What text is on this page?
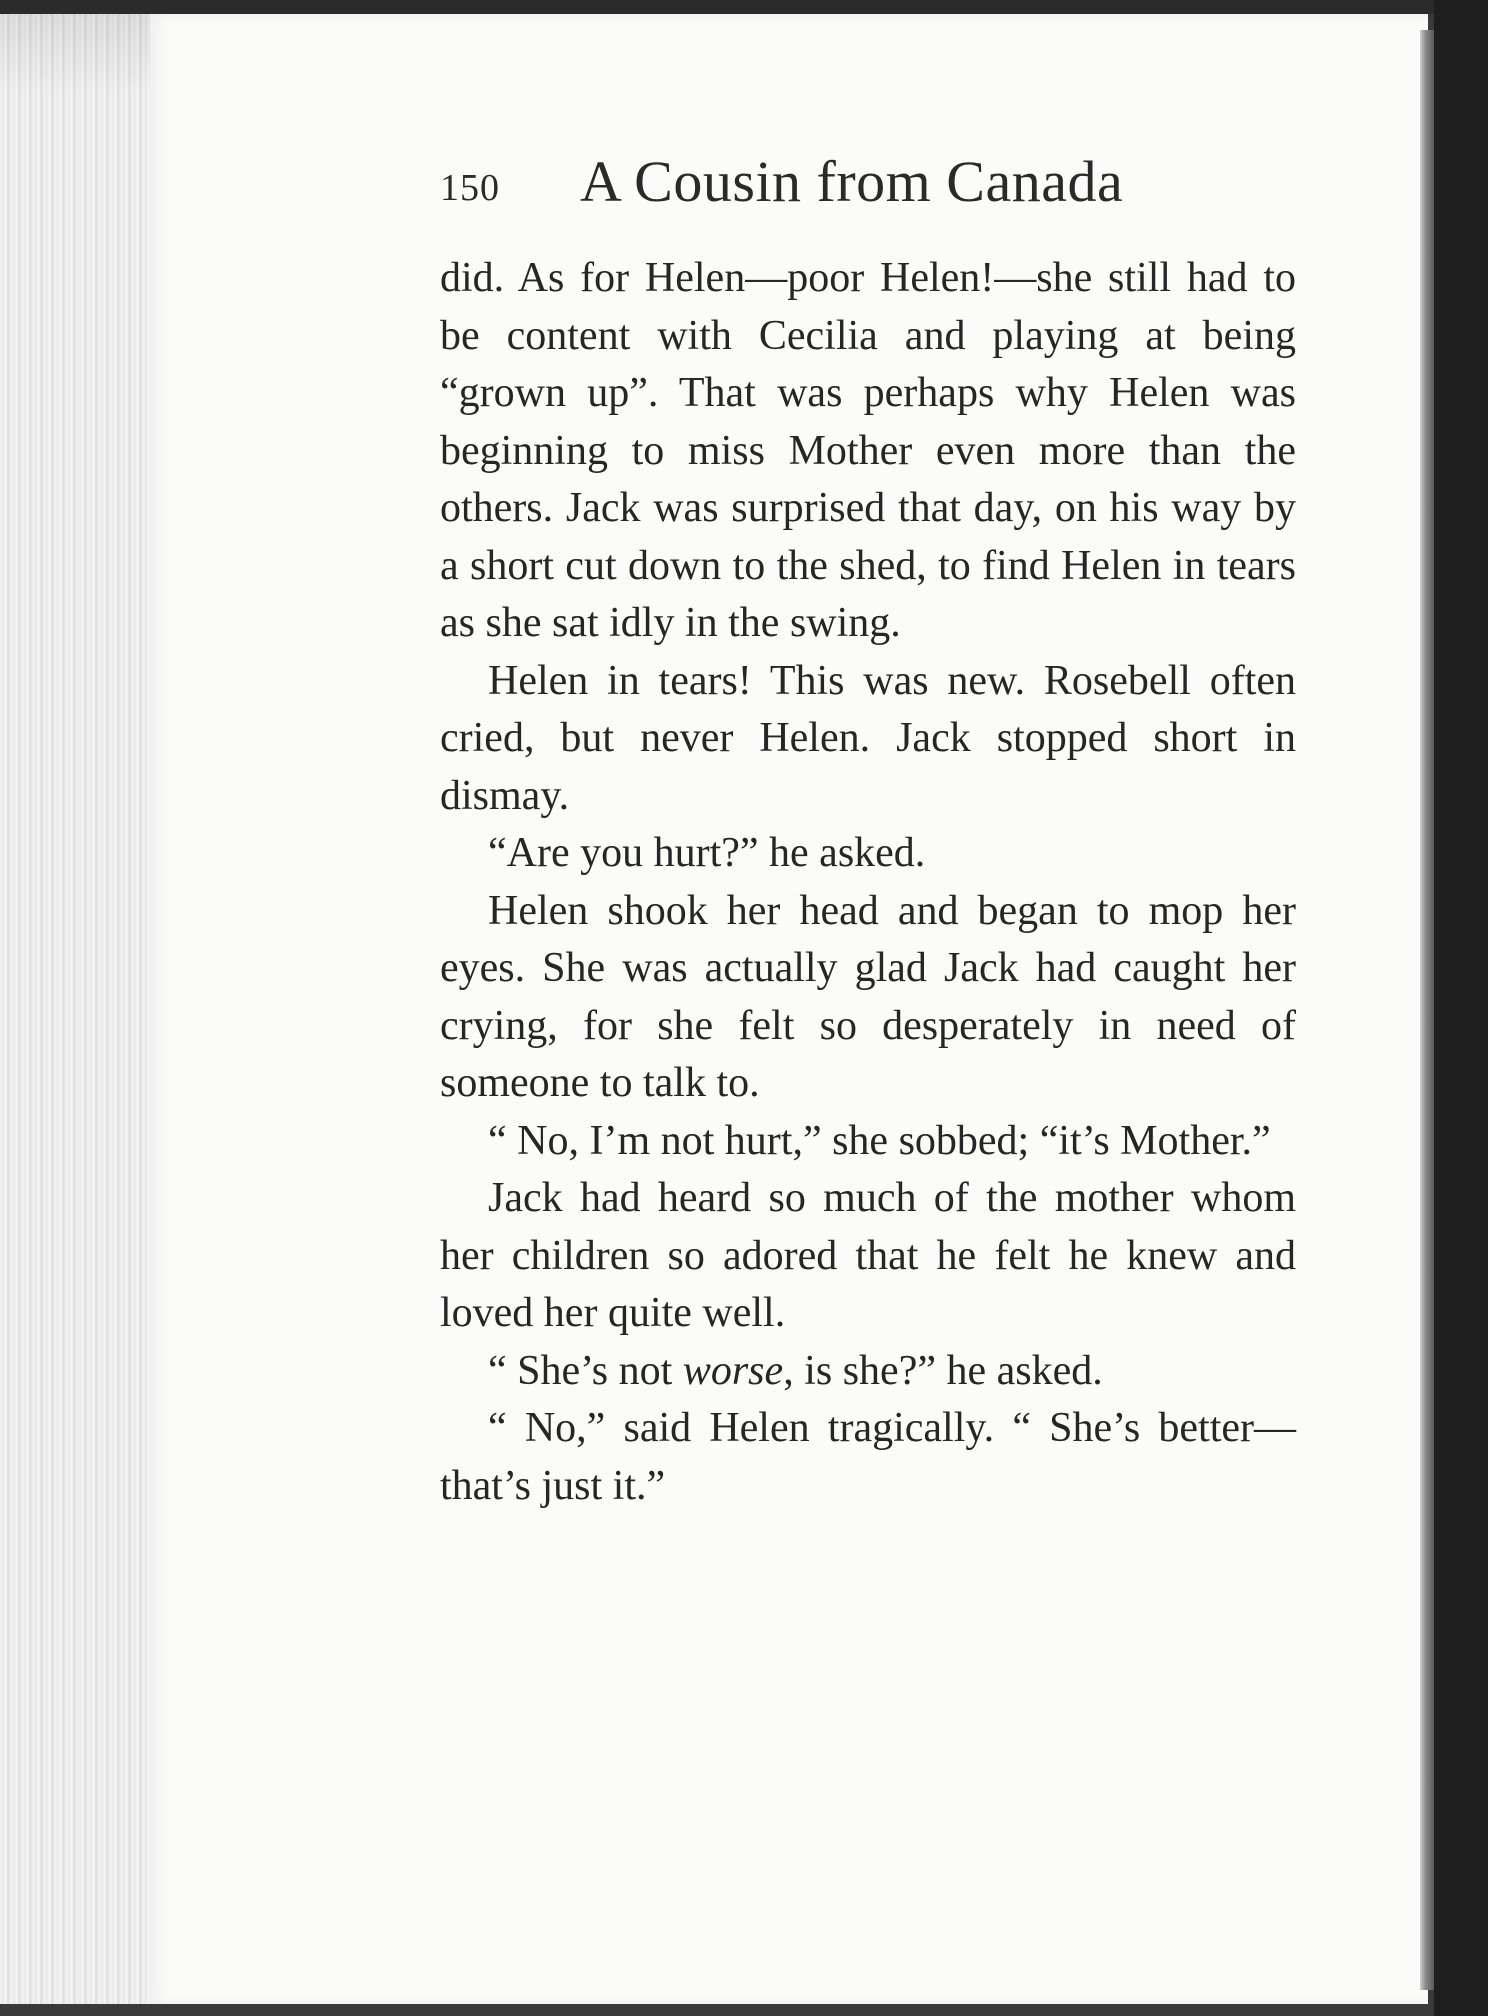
150 A Cousin from Canada

did. As for Helen—poor Helen!—she still had to be content with Cecilia and playing at being “grown up”. That was perhaps why Helen was beginning to miss Mother even more than the others. Jack was surprised that day, on his way by a short cut down to the shed, to find Helen in tears as she sat idly in the swing.

Helen in tears! This was new. Rosebell often cried, but never Helen. Jack stopped short in dismay.

“Are you hurt?” he asked.

Helen shook her head and began to mop her eyes. She was actually glad Jack had caught her crying, for she felt so desperately in need of someone to talk to.

“ No, I’m not hurt,” she sobbed; “it’s Mother.”

Jack had heard so much of the mother whom her children so adored that he felt he knew and loved her quite well.

“ She’s not worse, is she?” he asked.

“ No,” said Helen tragically. “ She’s better—that’s just it.”
